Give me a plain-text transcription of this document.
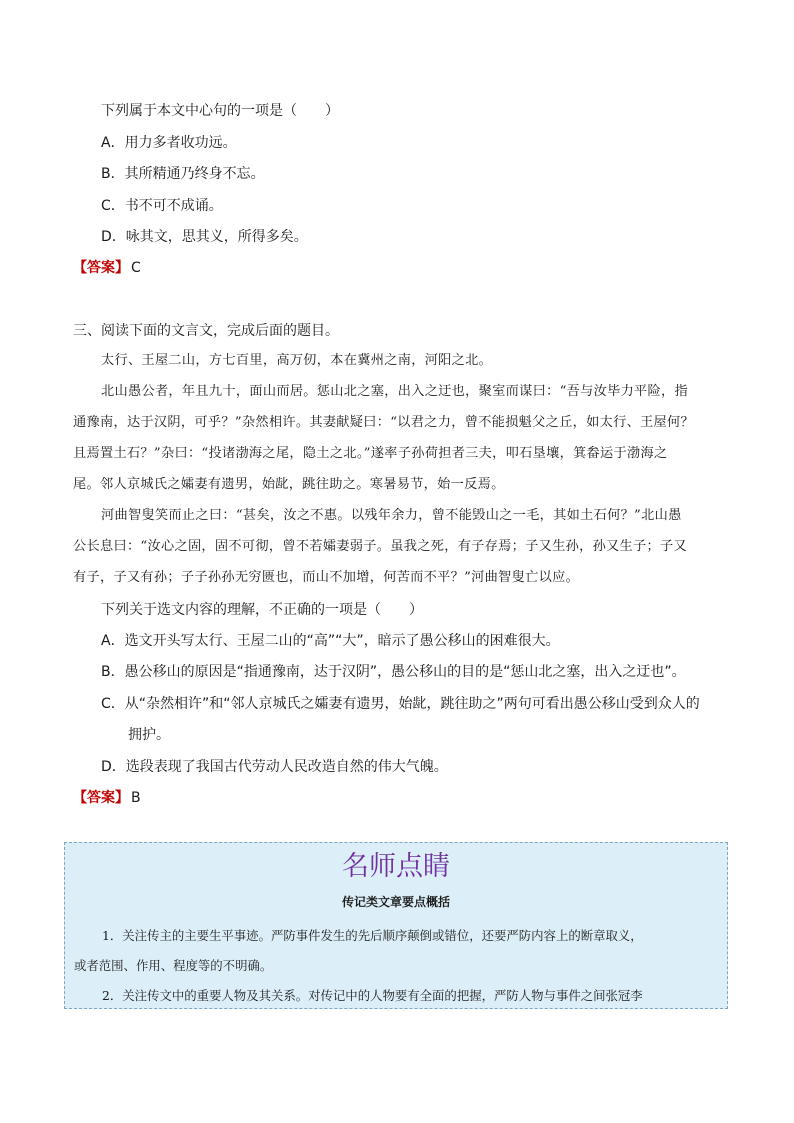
下列属于本文中心句的一项是（　　）
A．用力多者收功远。
B．其所精通乃终身不忘。
C．书不可不成诵。
D．咏其文，思其义，所得多矣。
【答案】 C
三、阅读下面的文言文，完成后面的题目。
太行、王屋二山，方七百里，高万仞，本在冀州之南，河阳之北。
北山愚公者，年且九十，面山而居。惩山北之塞，出入之迂也，聚室而谋曰：“吾与汝毕力平险，指
通豫南，达于汉阴，可乎？”杂然相许。其妻献疑曰：“以君之力，曾不能损魁父之丘，如太行、王屋何？
且焉置土石？”杂曰：“投诸渤海之尾，隐土之北。”遂率子孙荷担者三夫，叩石垦壤，箕畚运于渤海之
尾。邻人京城氏之孀妻有遗男，始龀，跳往助之。寒暑易节，始一反焉。
河曲智叟笑而止之曰：“甚矣，汝之不惠。以残年余力，曾不能毁山之一毛，其如土石何？”北山愚
公长息曰：“汝心之固，固不可彻，曾不若孀妻弱子。虽我之死，有子存焉；子又生孙，孙又生子；子又
有子，子又有孙；子子孙孙无穷匮也，而山不加增，何苦而不平？”河曲智叟亡以应。
下列关于选文内容的理解，不正确的一项是（　　）
A．选文开头写太行、王屋二山的“高”“大”，暗示了愚公移山的困难很大。
B．愚公移山的原因是“指通豫南，达于汉阴”，愚公移山的目的是“惩山北之塞，出入之迂也”。
C．从“杂然相许”和“邻人京城氏之孀妻有遗男，始龀，跳往助之”两句可看出愚公移山受到众人的
拥护。
D．选段表现了我国古代劳动人民改造自然的伟大气魄。
【答案】 B
名师点睛
传记类文章要点概括
1．关注传主的主要生平事迹。严防事件发生的先后顺序颠倒或错位，还要严防内容上的断章取义，
或者范围、作用、程度等的不明确。
2．关注传文中的重要人物及其关系。对传记中的人物要有全面的把握，严防人物与事件之间张冠李
